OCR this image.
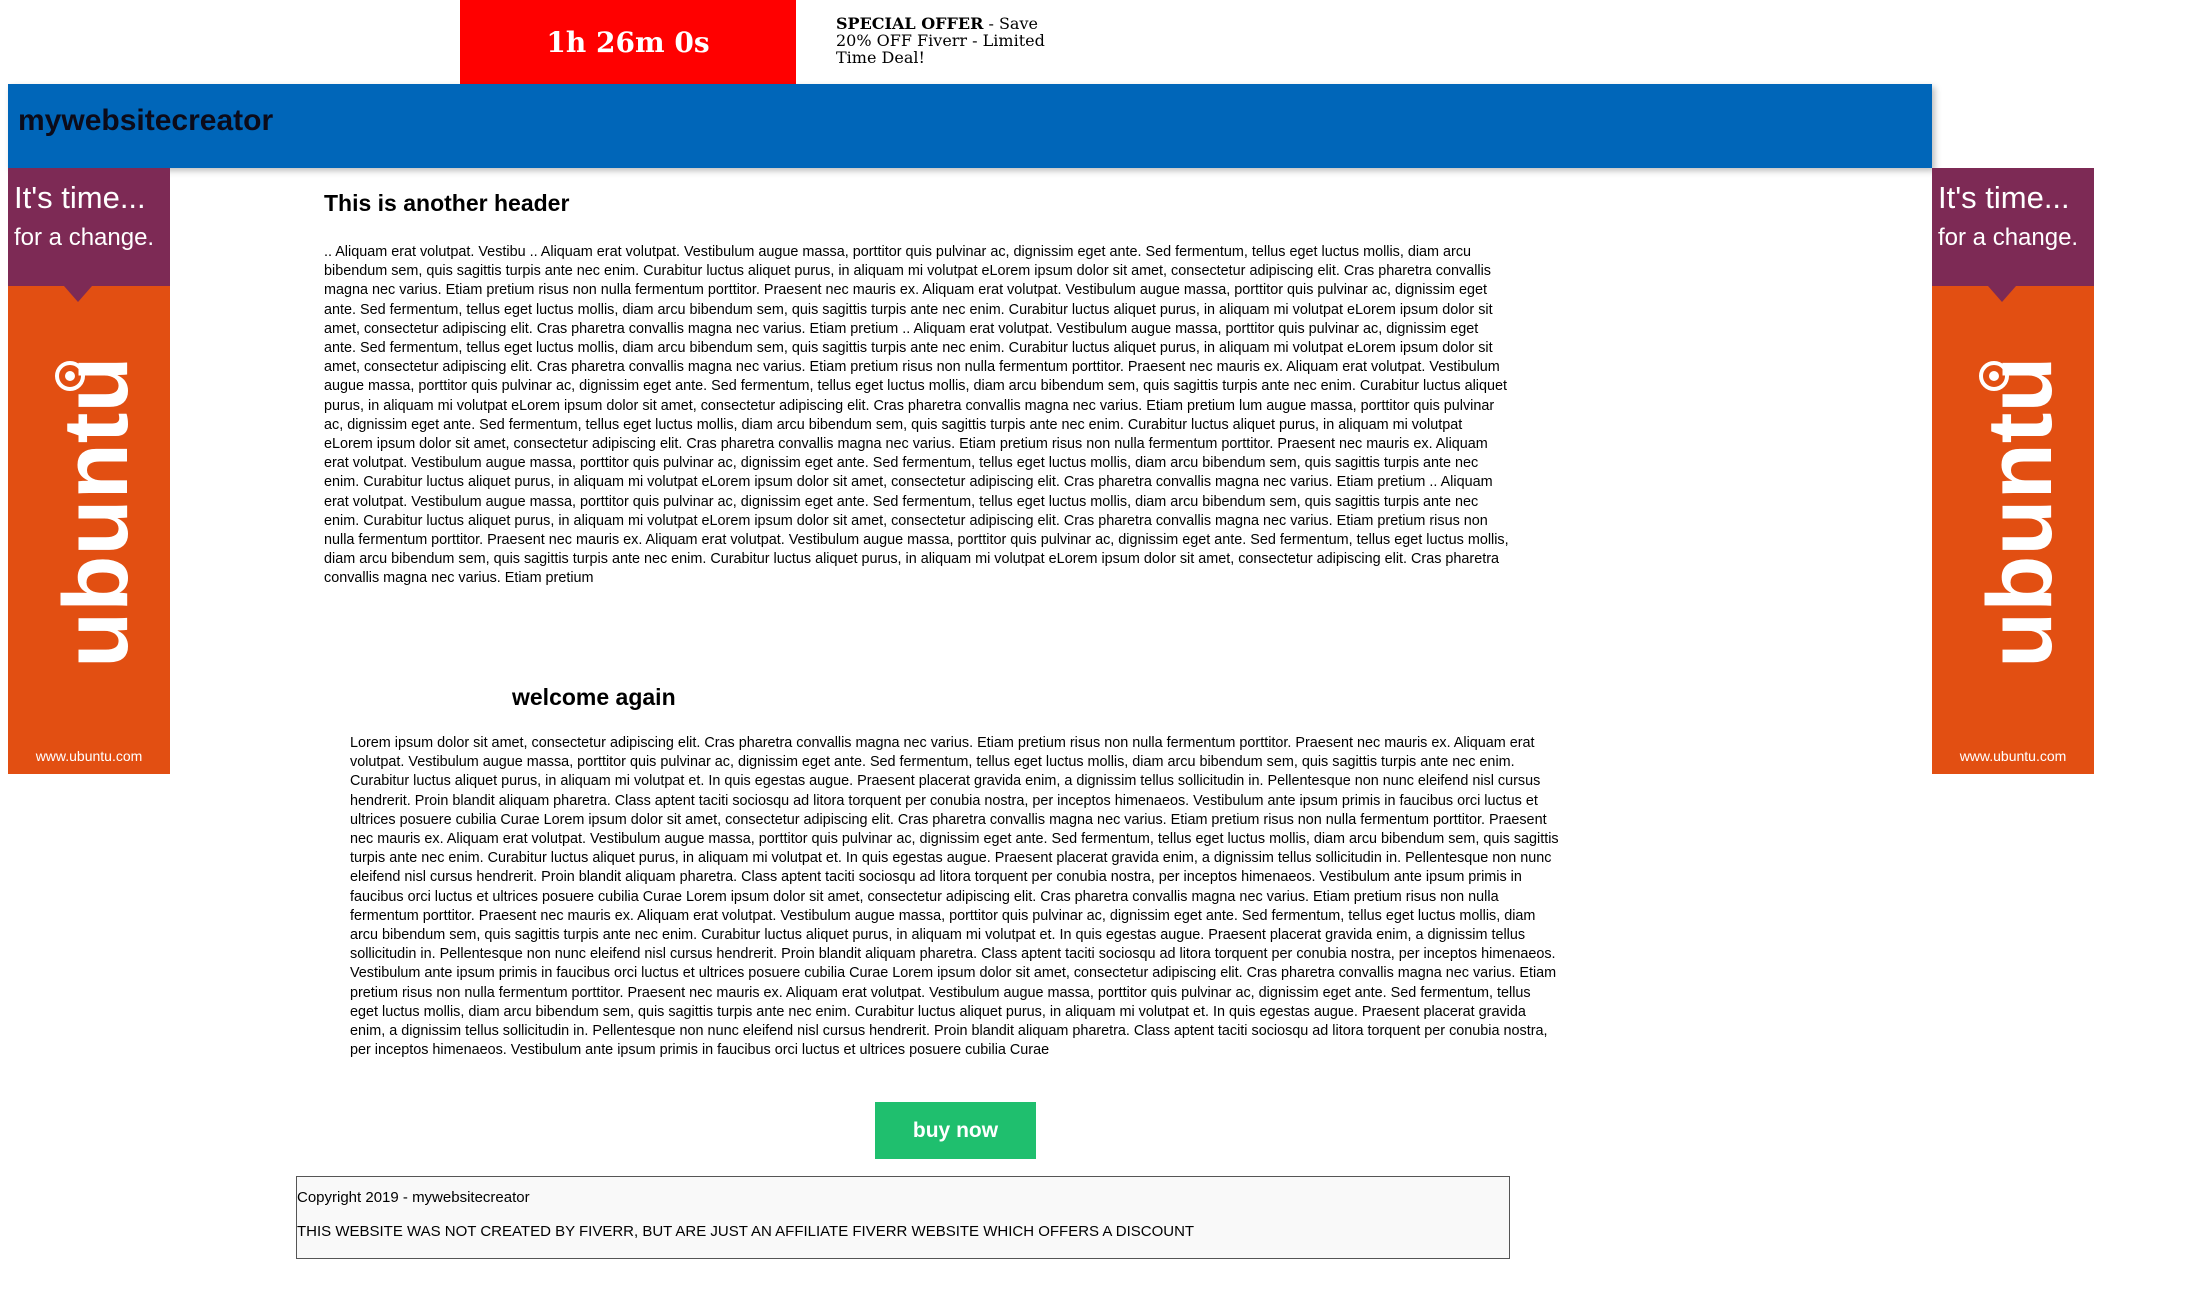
1h 26m 0s
SPECIAL OFFER - Save 20% OFF Fiverr - Limited Time Deal!
mywebsitecreator
It's time...
for a change.
ubuntu
www.ubuntu.com
It's time...
for a change.
ubuntu
www.ubuntu.com
This is another header

.. Aliquam erat volutpat. Vestibu .. Aliquam erat volutpat. Vestibulum augue massa, porttitor quis pulvinar ac, dignissim eget ante. Sed fermentum, tellus eget luctus mollis, diam arcu bibendum sem, quis sagittis turpis ante nec enim. Curabitur luctus aliquet purus, in aliquam mi volutpat eLorem ipsum dolor sit amet, consectetur adipiscing elit. Cras pharetra convallis magna nec varius. Etiam pretium risus non nulla fermentum porttitor. Praesent nec mauris ex. Aliquam erat volutpat. Vestibulum augue massa, porttitor quis pulvinar ac, dignissim eget ante. Sed fermentum, tellus eget luctus mollis, diam arcu bibendum sem, quis sagittis turpis ante nec enim. Curabitur luctus aliquet purus, in aliquam mi volutpat eLorem ipsum dolor sit amet, consectetur adipiscing elit. Cras pharetra convallis magna nec varius. Etiam pretium .. Aliquam erat volutpat. Vestibulum augue massa, porttitor quis pulvinar ac, dignissim eget ante. Sed fermentum, tellus eget luctus mollis, diam arcu bibendum sem, quis sagittis turpis ante nec enim. Curabitur luctus aliquet purus, in aliquam mi volutpat eLorem ipsum dolor sit amet, consectetur adipiscing elit. Cras pharetra convallis magna nec varius. Etiam pretium risus non nulla fermentum porttitor. Praesent nec mauris ex. Aliquam erat volutpat. Vestibulum augue massa, porttitor quis pulvinar ac, dignissim eget ante. Sed fermentum, tellus eget luctus mollis, diam arcu bibendum sem, quis sagittis turpis ante nec enim. Curabitur luctus aliquet purus, in aliquam mi volutpat eLorem ipsum dolor sit amet, consectetur adipiscing elit. Cras pharetra convallis magna nec varius. Etiam pretium lum augue massa, porttitor quis pulvinar ac, dignissim eget ante. Sed fermentum, tellus eget luctus mollis, diam arcu bibendum sem, quis sagittis turpis ante nec enim. Curabitur luctus aliquet purus, in aliquam mi volutpat eLorem ipsum dolor sit amet, consectetur adipiscing elit. Cras pharetra convallis magna nec varius. Etiam pretium risus non nulla fermentum porttitor. Praesent nec mauris ex. Aliquam erat volutpat. Vestibulum augue massa, porttitor quis pulvinar ac, dignissim eget ante. Sed fermentum, tellus eget luctus mollis, diam arcu bibendum sem, quis sagittis turpis ante nec enim. Curabitur luctus aliquet purus, in aliquam mi volutpat eLorem ipsum dolor sit amet, consectetur adipiscing elit. Cras pharetra convallis magna nec varius. Etiam pretium .. Aliquam erat volutpat. Vestibulum augue massa, porttitor quis pulvinar ac, dignissim eget ante. Sed fermentum, tellus eget luctus mollis, diam arcu bibendum sem, quis sagittis turpis ante nec enim. Curabitur luctus aliquet purus, in aliquam mi volutpat eLorem ipsum dolor sit amet, consectetur adipiscing elit. Cras pharetra convallis magna nec varius. Etiam pretium risus non nulla fermentum porttitor. Praesent nec mauris ex. Aliquam erat volutpat. Vestibulum augue massa, porttitor quis pulvinar ac, dignissim eget ante. Sed fermentum, tellus eget luctus mollis, diam arcu bibendum sem, quis sagittis turpis ante nec enim. Curabitur luctus aliquet purus, in aliquam mi volutpat eLorem ipsum dolor sit amet, consectetur adipiscing elit. Cras pharetra convallis magna nec varius. Etiam pretium

welcome again

Lorem ipsum dolor sit amet, consectetur adipiscing elit. Cras pharetra convallis magna nec varius. Etiam pretium risus non nulla fermentum porttitor. Praesent nec mauris ex. Aliquam erat volutpat. Vestibulum augue massa, porttitor quis pulvinar ac, dignissim eget ante. Sed fermentum, tellus eget luctus mollis, diam arcu bibendum sem, quis sagittis turpis ante nec enim. Curabitur luctus aliquet purus, in aliquam mi volutpat et. In quis egestas augue. Praesent placerat gravida enim, a dignissim tellus sollicitudin in. Pellentesque non nunc eleifend nisl cursus hendrerit. Proin blandit aliquam pharetra. Class aptent taciti sociosqu ad litora torquent per conubia nostra, per inceptos himenaeos. Vestibulum ante ipsum primis in faucibus orci luctus et ultrices posuere cubilia Curae Lorem ipsum dolor sit amet, consectetur adipiscing elit. Cras pharetra convallis magna nec varius. Etiam pretium risus non nulla fermentum porttitor. Praesent nec mauris ex. Aliquam erat volutpat. Vestibulum augue massa, porttitor quis pulvinar ac, dignissim eget ante. Sed fermentum, tellus eget luctus mollis, diam arcu bibendum sem, quis sagittis turpis ante nec enim. Curabitur luctus aliquet purus, in aliquam mi volutpat et. In quis egestas augue. Praesent placerat gravida enim, a dignissim tellus sollicitudin in. Pellentesque non nunc eleifend nisl cursus hendrerit. Proin blandit aliquam pharetra. Class aptent taciti sociosqu ad litora torquent per conubia nostra, per inceptos himenaeos. Vestibulum ante ipsum primis in faucibus orci luctus et ultrices posuere cubilia Curae Lorem ipsum dolor sit amet, consectetur adipiscing elit. Cras pharetra convallis magna nec varius. Etiam pretium risus non nulla fermentum porttitor. Praesent nec mauris ex. Aliquam erat volutpat. Vestibulum augue massa, porttitor quis pulvinar ac, dignissim eget ante. Sed fermentum, tellus eget luctus mollis, diam arcu bibendum sem, quis sagittis turpis ante nec enim. Curabitur luctus aliquet purus, in aliquam mi volutpat et. In quis egestas augue. Praesent placerat gravida enim, a dignissim tellus sollicitudin in. Pellentesque non nunc eleifend nisl cursus hendrerit. Proin blandit aliquam pharetra. Class aptent taciti sociosqu ad litora torquent per conubia nostra, per inceptos himenaeos. Vestibulum ante ipsum primis in faucibus orci luctus et ultrices posuere cubilia Curae Lorem ipsum dolor sit amet, consectetur adipiscing elit. Cras pharetra convallis magna nec varius. Etiam pretium risus non nulla fermentum porttitor. Praesent nec mauris ex. Aliquam erat volutpat. Vestibulum augue massa, porttitor quis pulvinar ac, dignissim eget ante. Sed fermentum, tellus eget luctus mollis, diam arcu bibendum sem, quis sagittis turpis ante nec enim. Curabitur luctus aliquet purus, in aliquam mi volutpat et. In quis egestas augue. Praesent placerat gravida enim, a dignissim tellus sollicitudin in. Pellentesque non nunc eleifend nisl cursus hendrerit. Proin blandit aliquam pharetra. Class aptent taciti sociosqu ad litora torquent per conubia nostra, per inceptos himenaeos. Vestibulum ante ipsum primis in faucibus orci luctus et ultrices posuere cubilia Curae

buy now
Copyright 2019 - mywebsitecreator
THIS WEBSITE WAS NOT CREATED BY FIVERR, BUT ARE JUST AN AFFILIATE FIVERR WEBSITE WHICH OFFERS A DISCOUNT
